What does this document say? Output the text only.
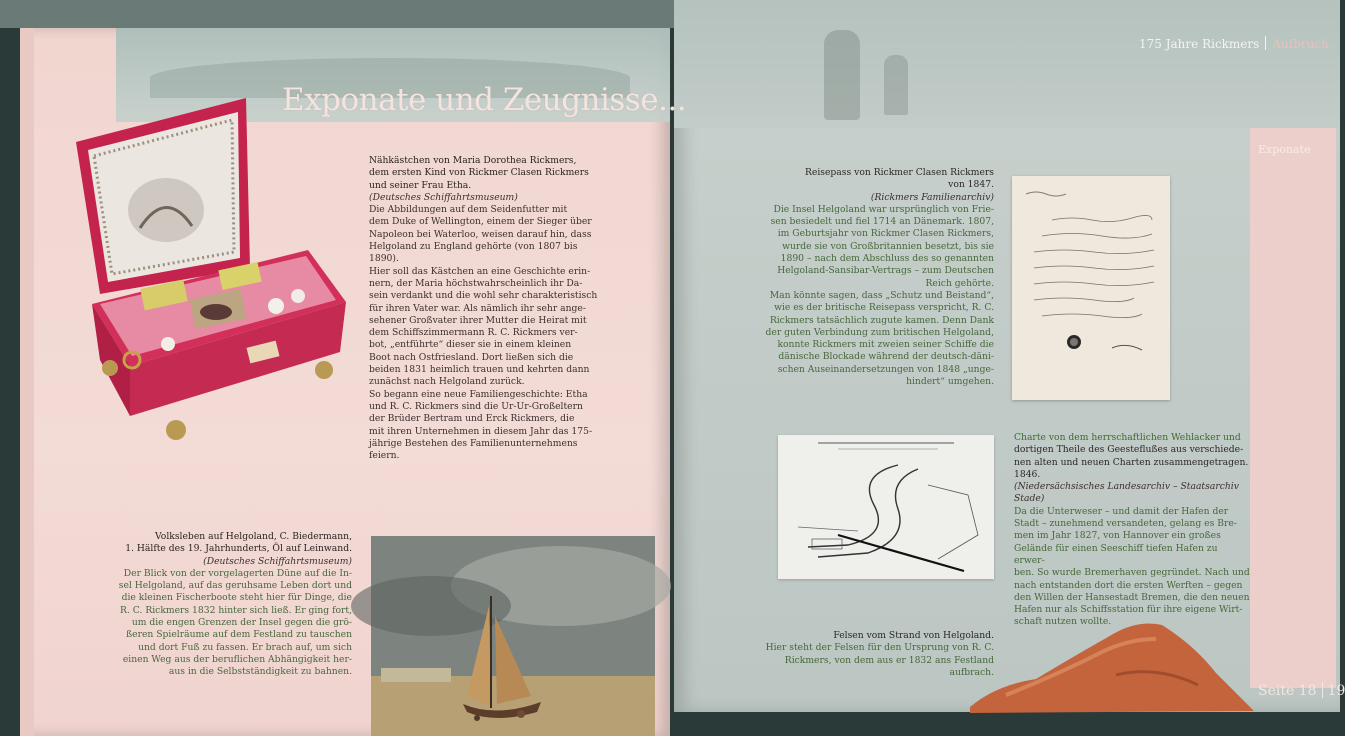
175 Jahre Rickmers Aufbruch
Exponate
Exponate und Zeugnisse...

Nähkästchen von Maria Dorothea Rickmers,

dem ersten Kind von Rickmer Clasen Rickmers

und seiner Frau Etha.

(Deutsches Schiffahrtsmuseum)

Die Abbildungen auf dem Seidenfutter mit

dem Duke of Wellington, einem der Sieger über

Napoleon bei Waterloo, weisen darauf hin, dass

Helgoland zu England gehörte (von 1807 bis

1890).

Hier soll das Kästchen an eine Geschichte erin-

nern, der Maria höchstwahrscheinlich ihr Da-

sein verdankt und die wohl sehr charakteristisch

für ihren Vater war. Als nämlich ihr sehr ange-

sehener Großvater ihrer Mutter die Heirat mit

dem Schiffszimmermann R. C. Rickmers ver-

bot, „entführte“ dieser sie in einem kleinen

Boot nach Ostfriesland. Dort ließen sich die

beiden 1831 heimlich trauen und kehrten dann

zunächst nach Helgoland zurück.

So begann eine neue Familiengeschichte: Etha

und R. C. Rickmers sind die Ur-Ur-Großeltern

der Brüder Bertram und Erck Rickmers, die

mit ihren Unternehmen in diesem Jahr das 175-

jährige Bestehen des Familienunternehmens

feiern.

Volksleben auf Helgoland, C. Biedermann,

1. Hälfte des 19. Jahrhunderts, Öl auf Leinwand.

(Deutsches Schiffahrtsmuseum)

Der Blick von der vorgelagerten Düne auf die In-

sel Helgoland, auf das geruhsame Leben dort und

die kleinen Fischerboote steht hier für Dinge, die

R. C. Rickmers 1832 hinter sich ließ. Er ging fort,

um die engen Grenzen der Insel gegen die grö-

ßeren Spielräume auf dem Festland zu tauschen

und dort Fuß zu fassen. Er brach auf, um sich

einen Weg aus der beruflichen Abhängigkeit her-

aus in die Selbstständigkeit zu bahnen.

Reisepass von Rickmer Clasen Rickmers

von 1847.

(Rickmers Familienarchiv)

Die Insel Helgoland war ursprünglich von Frie-

sen besiedelt und fiel 1714 an Dänemark. 1807,

im Geburtsjahr von Rickmer Clasen Rickmers,

wurde sie von Großbritannien besetzt, bis sie

1890 – nach dem Abschluss des so genannten

Helgoland-Sansibar-Vertrags – zum Deutschen

Reich gehörte.

Man könnte sagen, dass „Schutz und Beistand“,

wie es der britische Reisepass verspricht, R. C.

Rickmers tatsächlich zugute kamen. Denn Dank

der guten Verbindung zum britischen Helgoland,

konnte Rickmers mit zweien seiner Schiffe die

dänische Blockade während der deutsch-däni-

schen Auseinandersetzungen von 1848 „unge-

hindert“ umgehen.

Charte von dem herrschaftlichen Wehlacker und

dortigen Theile des Geesteflußes aus verschiede-

nen alten und neuen Charten zusammengetragen.

1846.

(Niedersächsisches Landesarchiv – Staatsarchiv

Stade)

Da die Unterweser – und damit der Hafen der

Stadt – zunehmend versandeten, gelang es Bre-

men im Jahr 1827, von Hannover ein großes

Gelände für einen Seeschiff tiefen Hafen zu erwer-

ben. So wurde Bremerhaven gegründet. Nach und

nach entstanden dort die ersten Werften – gegen

den Willen der Hansestadt Bremen, die den neuen

Hafen nur als Schiffsstation für ihre eigene Wirt-

schaft nutzen wollte.

Felsen vom Strand von Helgoland.

Hier steht der Felsen für den Ursprung von R. C.

Rickmers, von dem aus er 1832 ans Festland aufbrach.

Seite 18 19
